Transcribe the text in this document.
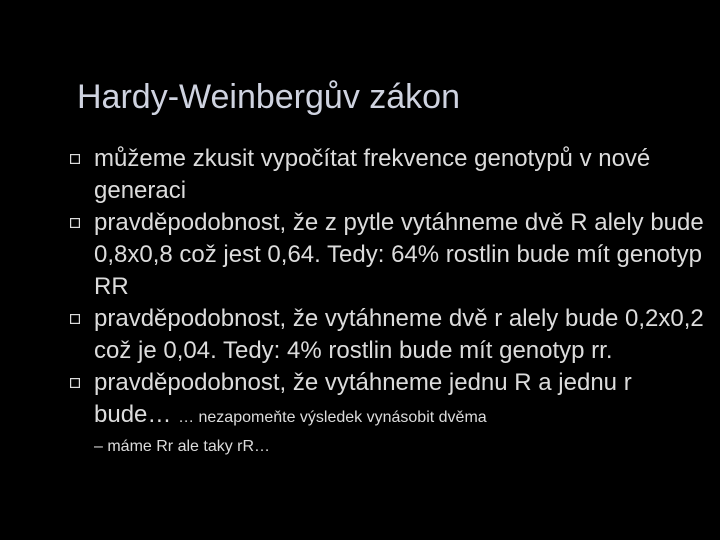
Hardy-Weinbergův zákon
můžeme zkusit vypočítat frekvence genotypů v nové generaci
pravděpodobnost, že z pytle vytáhneme dvě R alely bude 0,8x0,8 což jest 0,64. Tedy: 64% rostlin bude mít genotyp RR
pravděpodobnost, že vytáhneme dvě r alely bude 0,2x0,2 což je 0,04. Tedy: 4% rostlin bude mít genotyp rr.
pravděpodobnost, že vytáhneme jednu R a jednu r bude… … nezapomeňte výsledek vynásobit dvěma
– máme Rr ale taky rR…
